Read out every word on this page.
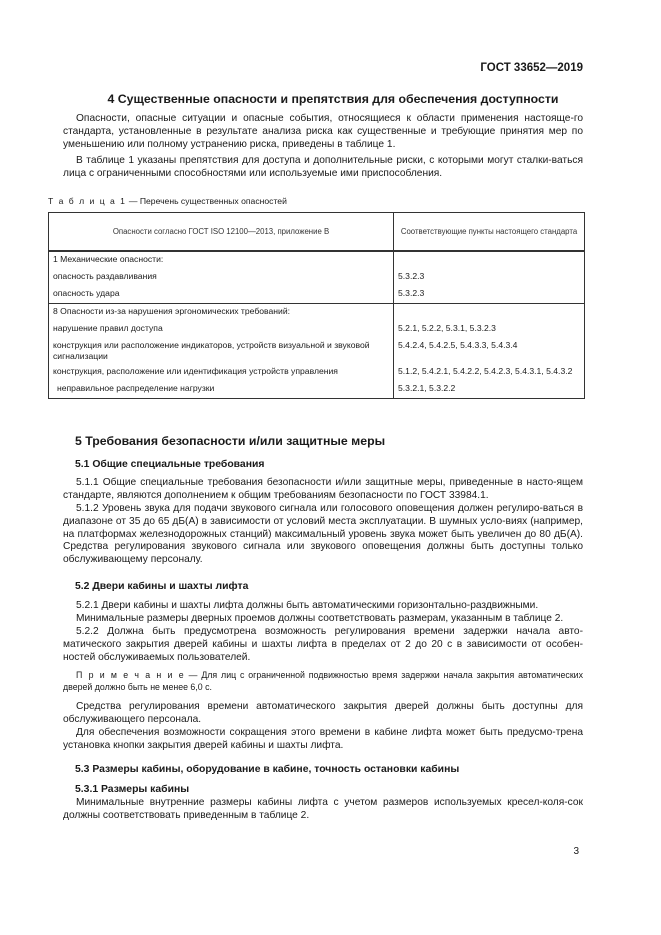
ГОСТ 33652—2019
4 Существенные опасности и препятствия для обеспечения доступности

Опасности, опасные ситуации и опасные события, относящиеся к области применения настояще-го стандарта, установленные в результате анализа риска как существенные и требующие принятия мер по уменьшению или полному устранению риска, приведены в таблице 1.

В таблице 1 указаны препятствия для доступа и дополнительные риски, с которыми могут сталки-ваться лица с ограниченными способностями или используемые ими приспособления.

Т а б л и ц а 1 — Перечень существенных опасностей
Опасности согласно ГОСТ ISO 12100—2013, приложение В	Соответствующие пункты настоящего стандарта
1 Механические опасности:	
опасность раздавливания	5.3.2.3
опасность удара	5.3.2.3
8 Опасности из-за нарушения эргономических требований:	
нарушение правил доступа	5.2.1, 5.2.2, 5.3.1, 5.3.2.3
конструкция или расположение индикаторов, устройств визуальной и звуковой сигнализации	5.4.2.4, 5.4.2.5, 5.4.3.3, 5.4.3.4
конструкция, расположение или идентификация устройств управления	5.1.2, 5.4.2.1, 5.4.2.2, 5.4.2.3, 5.4.3.1, 5.4.3.2
неправильное распределение нагрузки	5.3.2.1, 5.3.2.2
5 Требования безопасности и/или защитные меры
5.1 Общие специальные требования

5.1.1 Общие специальные требования безопасности и/или защитные меры, приведенные в насто-ящем стандарте, являются дополнением к общим требованиям безопасности по ГОСТ 33984.1.

5.1.2 Уровень звука для подачи звукового сигнала или голосового оповещения должен регулиро-ваться в диапазоне от 35 до 65 дБ(А) в зависимости от условий места эксплуатации. В шумных усло-виях (например, на платформах железнодорожных станций) максимальный уровень звука может быть увеличен до 80 дБ(А). Средства регулирования звукового сигнала или звукового оповещения должны быть доступны только обслуживающему персоналу.

5.2 Двери кабины и шахты лифта

5.2.1 Двери кабины и шахты лифта должны быть автоматическими горизонтально-раздвижными.

Минимальные размеры дверных проемов должны соответствовать размерам, указанным в таблице 2.

5.2.2 Должна быть предусмотрена возможность регулирования времени задержки начала авто-матического закрытия дверей кабины и шахты лифта в пределах от 2 до 20 с в зависимости от особен-ностей обслуживаемых пользователей.

П р и м е ч а н и е — Для лиц с ограниченной подвижностью время задержки начала закрытия автоматических дверей должно быть не менее 6,0 с.

Средства регулирования времени автоматического закрытия дверей должны быть доступны для обслуживающего персонала.

Для обеспечения возможности сокращения этого времени в кабине лифта может быть предусмо-трена установка кнопки закрытия дверей кабины и шахты лифта.

5.3 Размеры кабины, оборудование в кабине, точность остановки кабины
5.3.1 Размеры кабины

Минимальные внутренние размеры кабины лифта с учетом размеров используемых кресел-коля-сок должны соответствовать приведенным в таблице 2.

3
